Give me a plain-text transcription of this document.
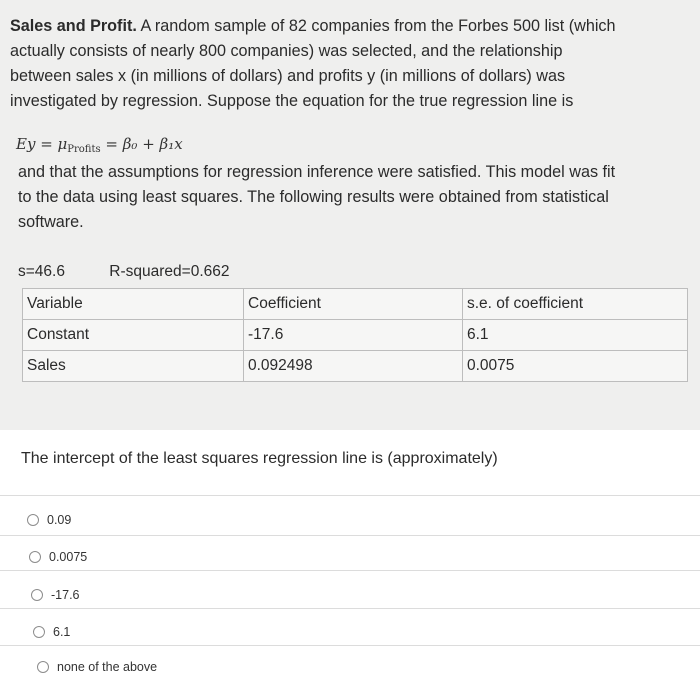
Sales and Profit. A random sample of 82 companies from the Forbes 500 list (which
actually consists of nearly 800 companies) was selected, and the relationship
between sales x (in millions of dollars) and profits y (in millions of dollars) was
investigated by regression. Suppose the equation for the true regression line is

$Ey = \mu_{Profits} = \beta_0 + \beta_1x$

and that the assumptions for regression inference were satisfied. This model was fit
to the data using least squares. The following results were obtained from statistical
software.

s=46.6	R-squared=0.662
Variable	Coefficient	s.e. of coefficient
Constant	-17.6	6.1
Sales	0.092498	0.0075
The intercept of the least squares regression line is (approximately)
0.09
0.0075
-17.6
6.1
none of the above
